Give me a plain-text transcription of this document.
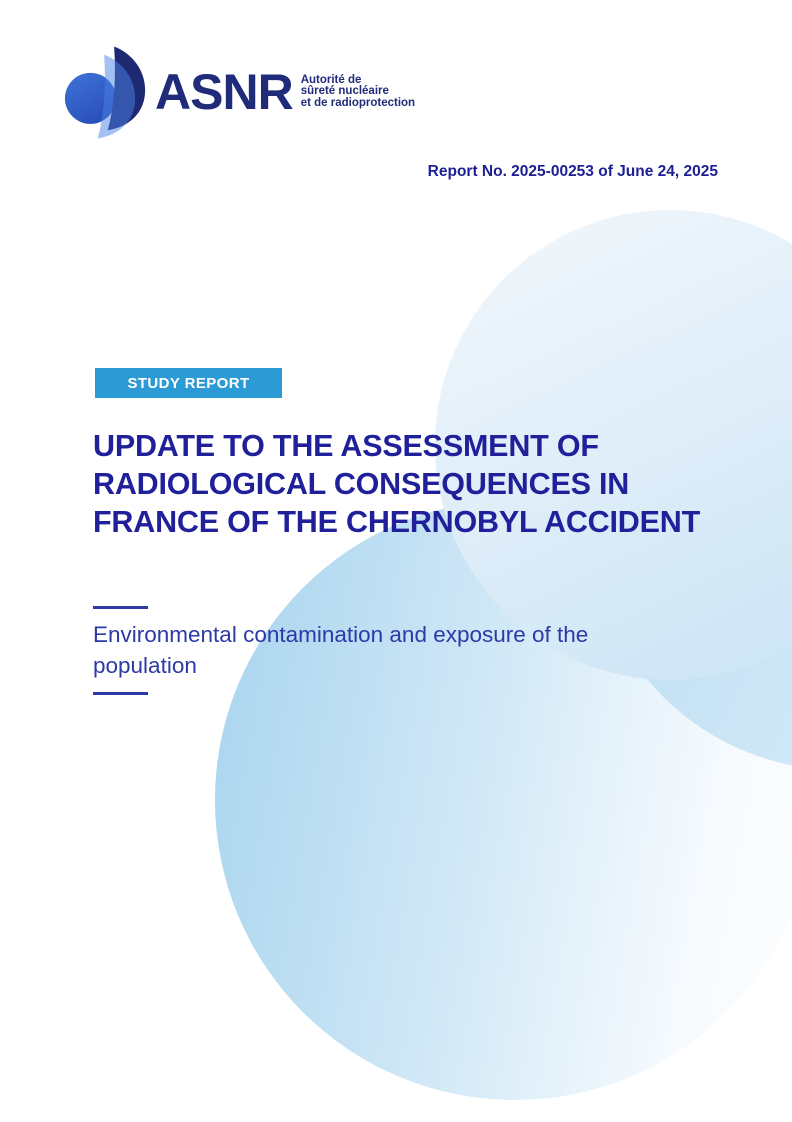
ASNR Autorité de
sûreté nucléaire
et de radioprotection
Report No. 2025-00253 of June 24, 2025
STUDY REPORT
UPDATE TO THE ASSESSMENT OF RADIOLOGICAL CONSEQUENCES IN FRANCE OF THE CHERNOBYL ACCIDENT
Environmental contamination and exposure of the population
